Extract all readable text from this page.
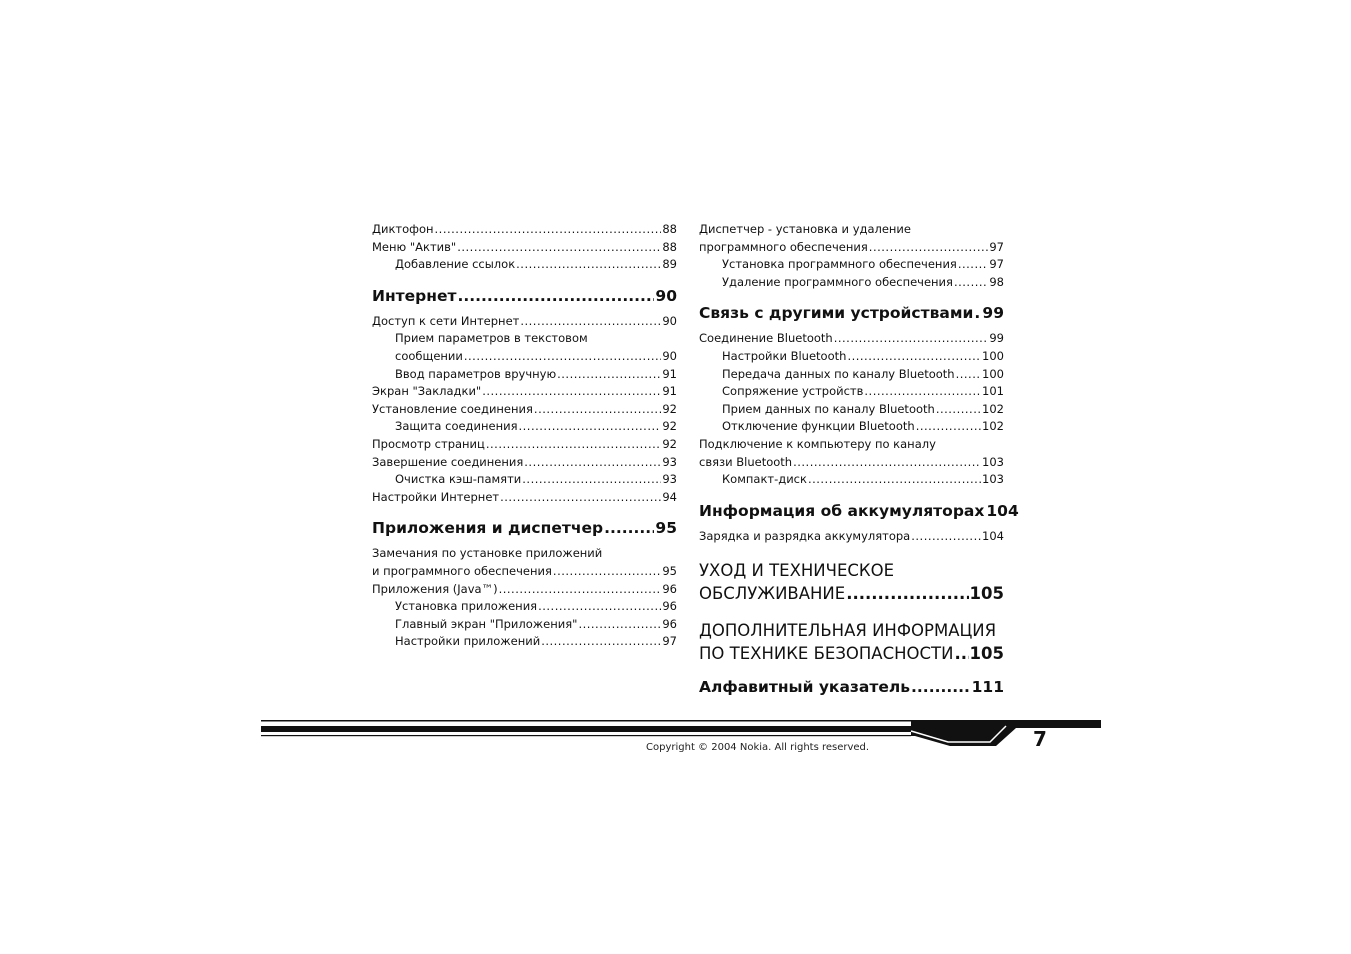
Диктофон .....	88
Меню "Актив" .....	88
Добавление ссылок .....	89
Интернет .....	90
Доступ к сети Интернет .....	90
Прием параметров в текстовом
сообщении .....	90
Ввод параметров вручную .....	91
Экран "Закладки" .....	91
Установление соединения .....	92
Защита соединения .....	92
Просмотр страниц .....	92
Завершение соединения .....	93
Очистка кэш-памяти .....	93
Настройки Интернет .....	94
Приложения и диспетчер .....	95
Замечания по установке приложений
и программного обеспечения .....	95
Приложения (Java™) .....	96
Установка приложения .....	96
Главный экран "Приложения" .....	96
Настройки приложений .....	97
Диспетчер - установка и удаление
программного обеспечения .....	97
Установка программного обеспечения .....	97
Удаление программного обеспечения .....	98
Связь с другими устройствами ..... 99
Соединение Bluetooth .....	99
Настройки Bluetooth .....	100
Передача данных по каналу Bluetooth ..... 100
Сопряжение устройств .....	101
Прием данных по каналу Bluetooth .....	102
Отключение функции Bluetooth .....	102
Подключение к компьютеру по каналу
связи Bluetooth .....	103
Компакт-диск .....	103
Информация об аккумуляторах 104
Зарядка и разрядка аккумулятора .....	104
УХОД И ТЕХНИЧЕСКОЕ
ОБСЛУЖИВАНИЕ .....	105
ДОПОЛНИТЕЛЬНАЯ ИНФОРМАЦИЯ
ПО ТЕХНИКЕ БЕЗОПАСНОСТИ ..... 105
Алфавитный указатель .....	111
Copyright © 2004 Nokia. All rights reserved.	7
